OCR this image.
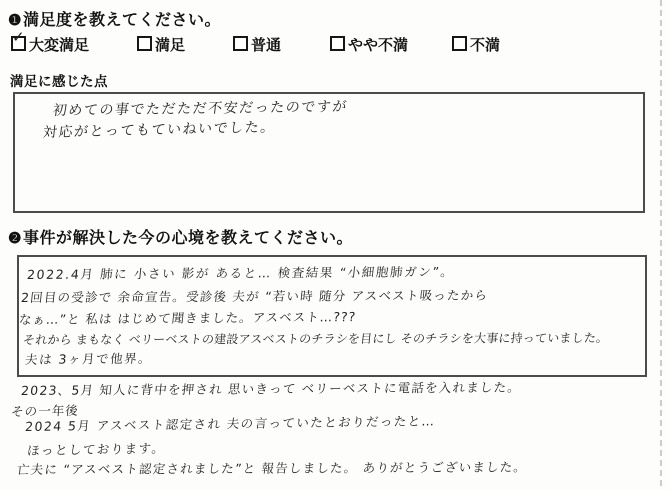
❶満足度を教えてください。
✓ 大変満足	満足	普通	やや不満	不満
満足に感じた点
初めての事でただただ不安だったのですが
対応がとってもていねいでした。
❷事件が解決した今の心境を教えてください。
2022.4月 肺に 小さい 影が あると… 検査結果 “小細胞肺ガン”。
2回目の受診で 余命宣告。受診後 夫が “若い時 随分 アスベスト吸ったから
なぁ…”と 私は はじめて聞きました。アスベスト…???
それから まもなく ベリーベストの建設アスベストのチラシを目にし そのチラシを大事に持っていました。
夫は 3ヶ月で他界。
2023、5月 知人に背中を押され 思いきって ベリーベストに電話を入れました。
その一年後
2024 5月 アスベスト認定され 夫の言っていたとおりだったと…
ほっとしております。
亡夫に “アスベスト認定されました”と 報告しました。 ありがとうございました。
